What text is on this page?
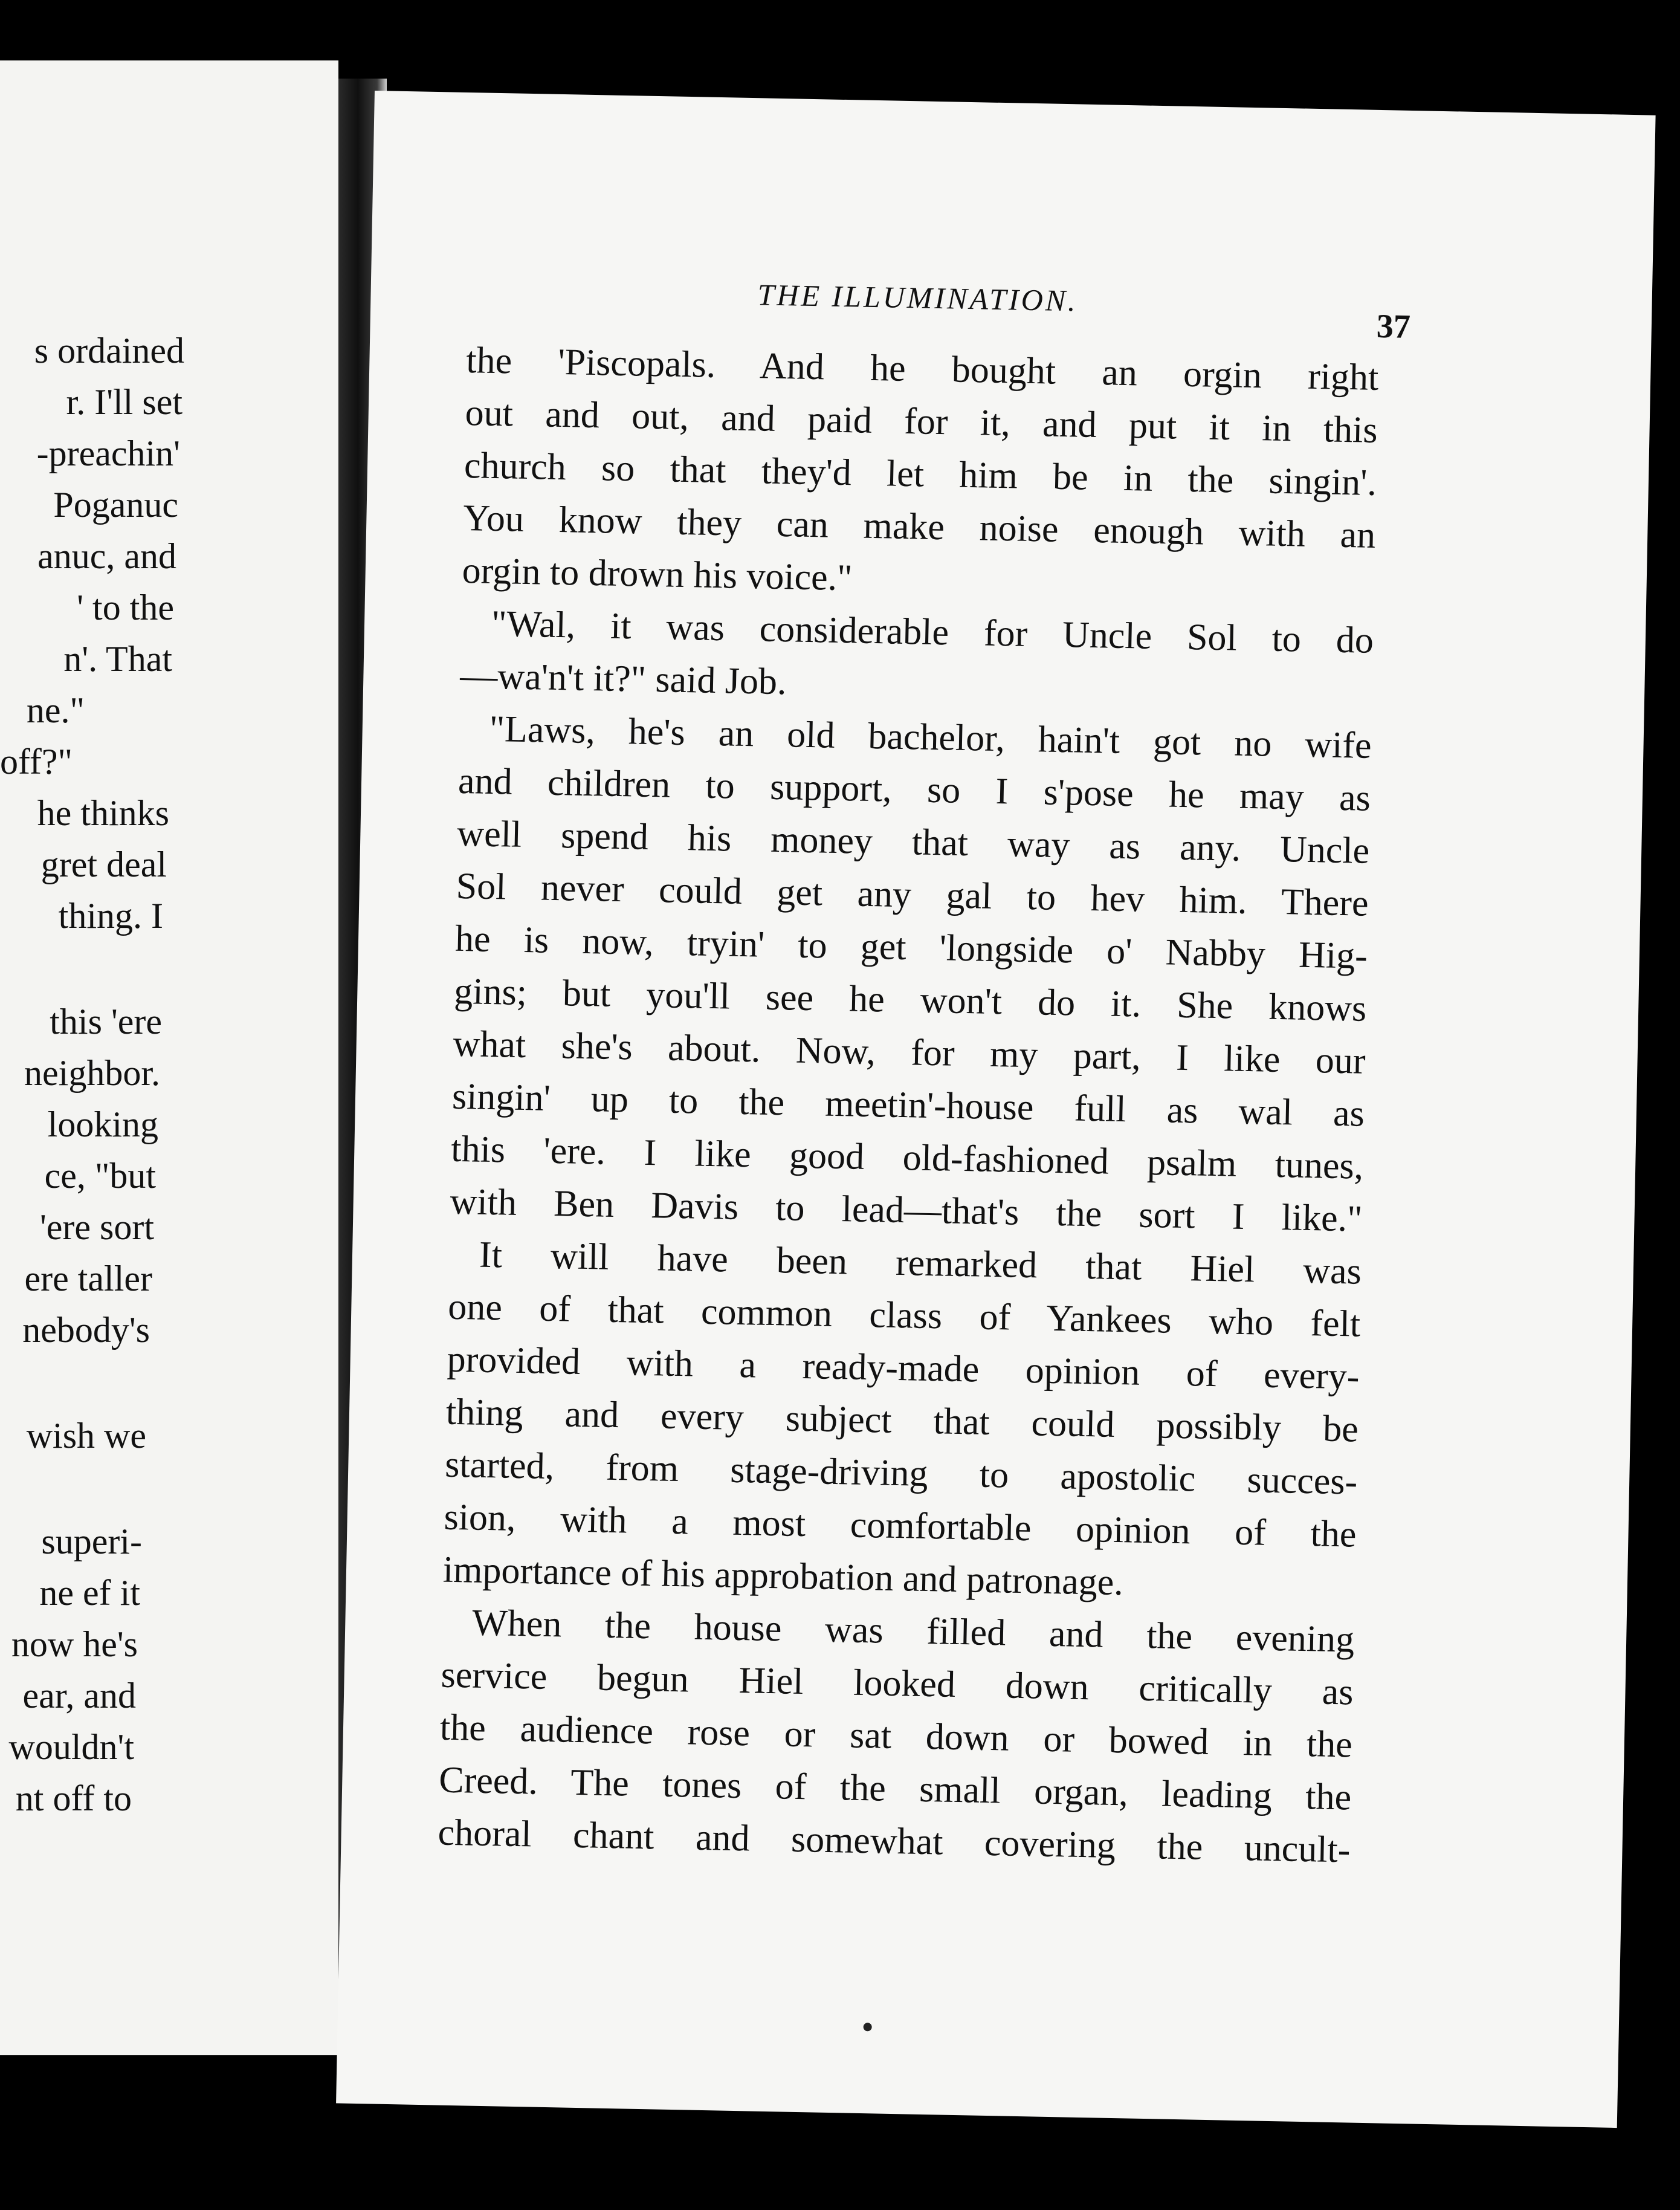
s ordained
r. I'll set
-preachin'
Poganuc
anuc, and
' to the
n'. That
ne."
off?"
he thinks
gret deal
thing. I
this 'ere
neighbor.
looking
ce, "but
'ere sort
ere taller
nebody's
wish we
superi-
ne ef it
now he's
ear, and
wouldn't
nt off to
THE ILLUMINATION.
37
the 'Piscopals. And he bought an orgin right
out and out, and paid for it, and put it in this
church so that they'd let him be in the singin'.
You know they can make noise enough with an
orgin to drown his voice."
"Wal, it was considerable for Uncle Sol to do
—wa'n't it?" said Job.
"Laws, he's an old bachelor, hain't got no wife
and children to support, so I s'pose he may as
well spend his money that way as any. Uncle
Sol never could get any gal to hev him. There
he is now, tryin' to get 'longside o' Nabby Hig-
gins; but you'll see he won't do it. She knows
what she's about. Now, for my part, I like our
singin' up to the meetin'-house full as wal as
this 'ere. I like good old-fashioned psalm tunes,
with Ben Davis to lead—that's the sort I like."
It will have been remarked that Hiel was
one of that common class of Yankees who felt
provided with a ready-made opinion of every-
thing and every subject that could possibly be
started, from stage-driving to apostolic succes-
sion, with a most comfortable opinion of the
importance of his approbation and patronage.
When the house was filled and the evening
service begun Hiel looked down critically as
the audience rose or sat down or bowed in the
Creed. The tones of the small organ, leading the
choral chant and somewhat covering the uncult-
